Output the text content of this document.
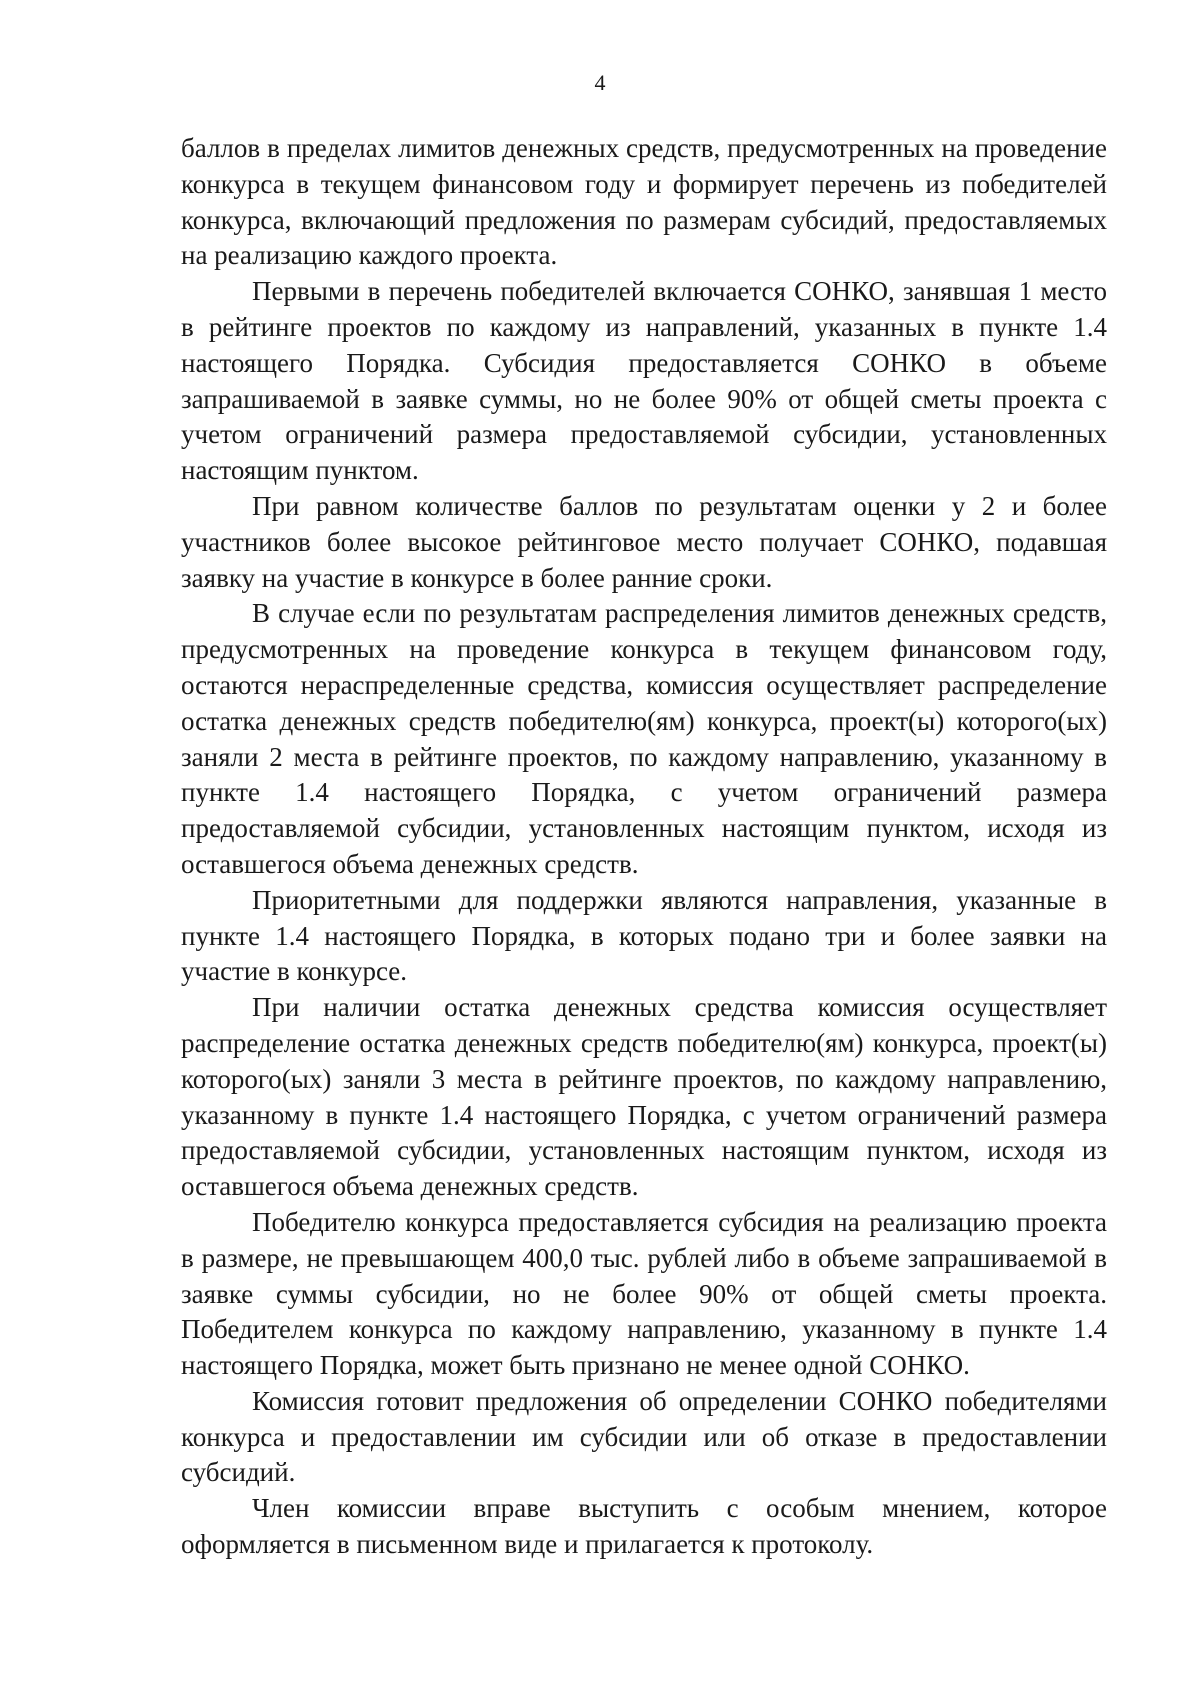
4

баллов в пределах лимитов денежных средств, предусмотренных на проведение конкурса в текущем финансовом году и формирует перечень из победителей конкурса, включающий предложения по размерам субсидий, предоставляемых на реализацию каждого проекта.

Первыми в перечень победителей включается СОНКО, занявшая 1 место в рейтинге проектов по каждому из направлений, указанных в пункте 1.4 настоящего Порядка. Субсидия предоставляется СОНКО в объеме запрашиваемой в заявке суммы, но не более 90% от общей сметы проекта с учетом ограничений размера предоставляемой субсидии, установленных настоящим пунктом.

При равном количестве баллов по результатам оценки у 2 и более участников более высокое рейтинговое место получает СОНКО, подавшая заявку на участие в конкурсе в более ранние сроки.

В случае если по результатам распределения лимитов денежных средств, предусмотренных на проведение конкурса в текущем финансовом году, остаются нераспределенные средства, комиссия осуществляет распределение остатка денежных средств победителю(ям) конкурса, проект(ы) которого(ых) заняли 2 места в рейтинге проектов, по каждому направлению, указанному в пункте 1.4 настоящего Порядка, с учетом ограничений размера предоставляемой субсидии, установленных настоящим пунктом, исходя из оставшегося объема денежных средств.

Приоритетными для поддержки являются направления, указанные в пункте 1.4 настоящего Порядка, в которых подано три и более заявки на участие в конкурсе.

При наличии остатка денежных средства комиссия осуществляет распределение остатка денежных средств победителю(ям) конкурса, проект(ы) которого(ых) заняли 3 места в рейтинге проектов, по каждому направлению, указанному в пункте 1.4 настоящего Порядка, с учетом ограничений размера предоставляемой субсидии, установленных настоящим пунктом, исходя из оставшегося объема денежных средств.

Победителю конкурса предоставляется субсидия на реализацию проекта в размере, не превышающем 400,0 тыс. рублей либо в объеме запрашиваемой в заявке суммы субсидии, но не более 90% от общей сметы проекта. Победителем конкурса по каждому направлению, указанному в пункте 1.4 настоящего Порядка, может быть признано не менее одной СОНКО.

Комиссия готовит предложения об определении СОНКО победителями конкурса и предоставлении им субсидии или об отказе в предоставлении субсидий.

Член комиссии вправе выступить с особым мнением, которое оформляется в письменном виде и прилагается к протоколу.
